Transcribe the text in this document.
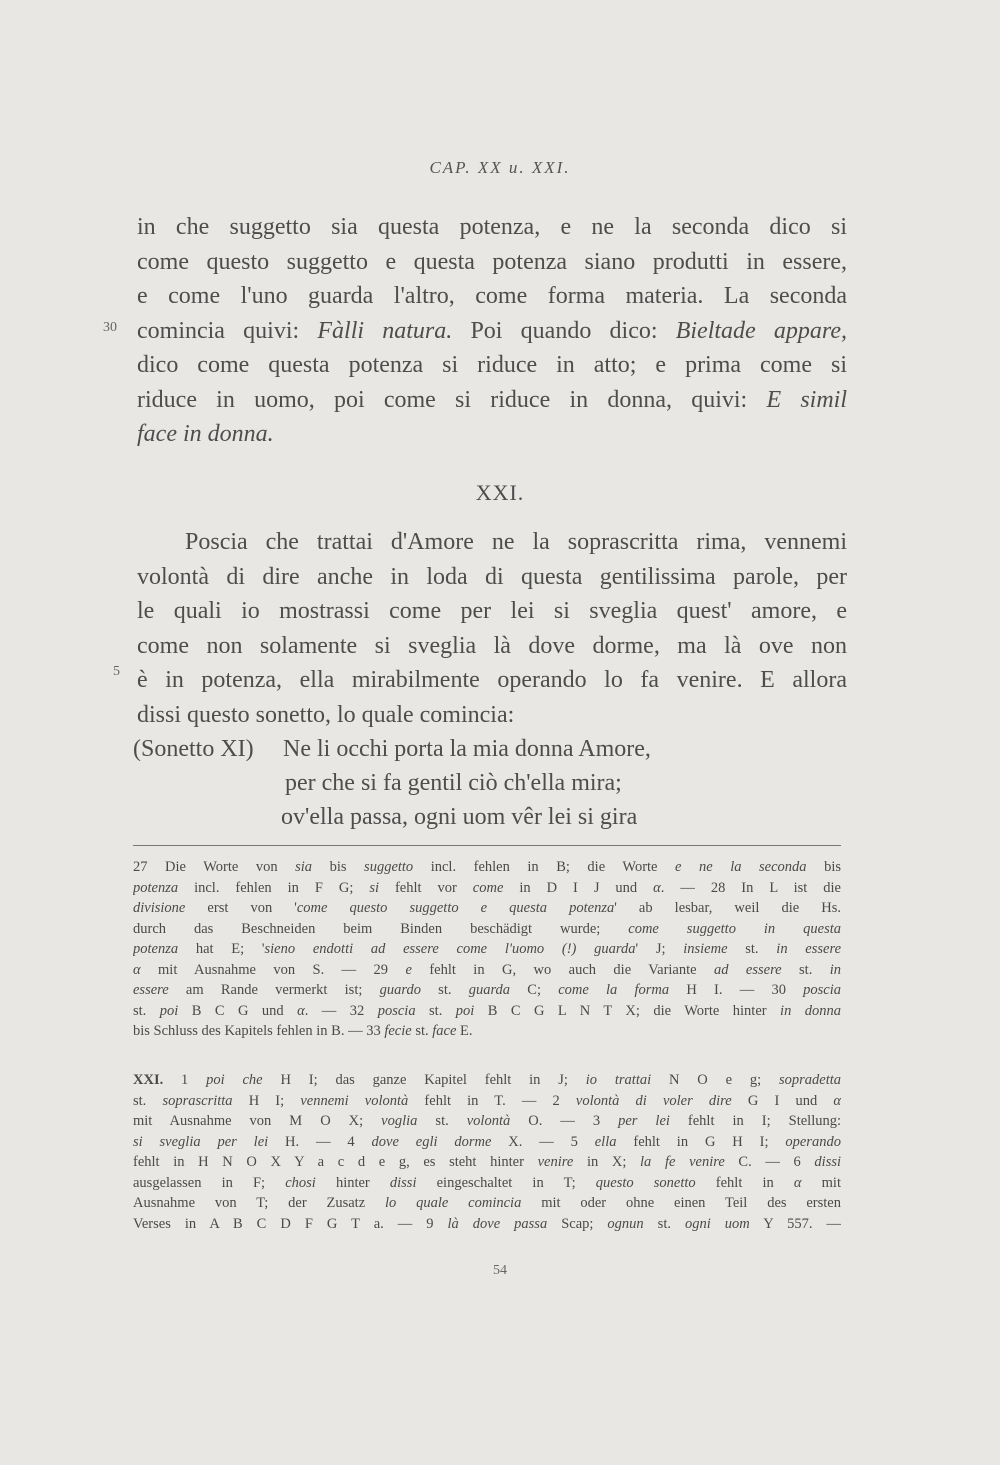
CAP. XX u. XXI.
in che suggetto sia questa potenza, e ne la seconda dico si
come questo suggetto e questa potenza siano produtti in essere,
e come l'uno guarda l'altro, come forma materia. La seconda
comincia quivi: Fàlli natura. Poi quando dico: Bieltade appare,
dico come questa potenza si riduce in atto; e prima come si
riduce in uomo, poi come si riduce in donna, quivi: E simil
face in donna.
30
XXI.
Poscia che trattai d'Amore ne la soprascritta rima, vennemi
volontà di dire anche in loda di questa gentilissima parole, per
le quali io mostrassi come per lei si sveglia quest' amore, e
come non solamente si sveglia là dove dorme, ma là ove non
è in potenza, ella mirabilmente operando lo fa venire. E allora
dissi questo sonetto, lo quale comincia:
5
(Sonetto XI) Ne li occhi porta la mia donna Amore,
per che si fa gentil ciò ch'ella mira;
ov'ella passa, ogni uom vêr lei si gira
27 Die Worte von sia bis suggetto incl. fehlen in B; die Worte e ne la seconda bis
potenza incl. fehlen in F G; si fehlt vor come in D I J und α. — 28 In L ist die
divisione erst von 'come questo suggetto e questa potenza' ab lesbar, weil die Hs.
durch das Beschneiden beim Binden beschädigt wurde; come suggetto in questa
potenza hat E; 'sieno endotti ad essere come l'uomo (!) guarda' J; insieme st. in essere
α mit Ausnahme von S. — 29 e fehlt in G, wo auch die Variante ad essere st. in
essere am Rande vermerkt ist; guardo st. guarda C; come la forma H I. — 30 poscia
st. poi B C G und α. — 32 poscia st. poi B C G L N T X; die Worte hinter in donna
bis Schluss des Kapitels fehlen in B. — 33 fecie st. face E.
XXI. 1 poi che H I; das ganze Kapitel fehlt in J; io trattai N O e g; sopradetta
st. soprascritta H I; vennemi volontà fehlt in T. — 2 volontà di voler dire G I und α
mit Ausnahme von M O X; voglia st. volontà O. — 3 per lei fehlt in I; Stellung:
si sveglia per lei H. — 4 dove egli dorme X. — 5 ella fehlt in G H I; operando
fehlt in H N O X Y a c d e g, es steht hinter venire in X; la fe venire C. — 6 dissi
ausgelassen in F; chosi hinter dissi eingeschaltet in T; questo sonetto fehlt in α mit
Ausnahme von T; der Zusatz lo quale comincia mit oder ohne einen Teil des ersten
Verses in A B C D F G T a. — 9 là dove passa Scap; ognun st. ogni uom Y 557. —
54
